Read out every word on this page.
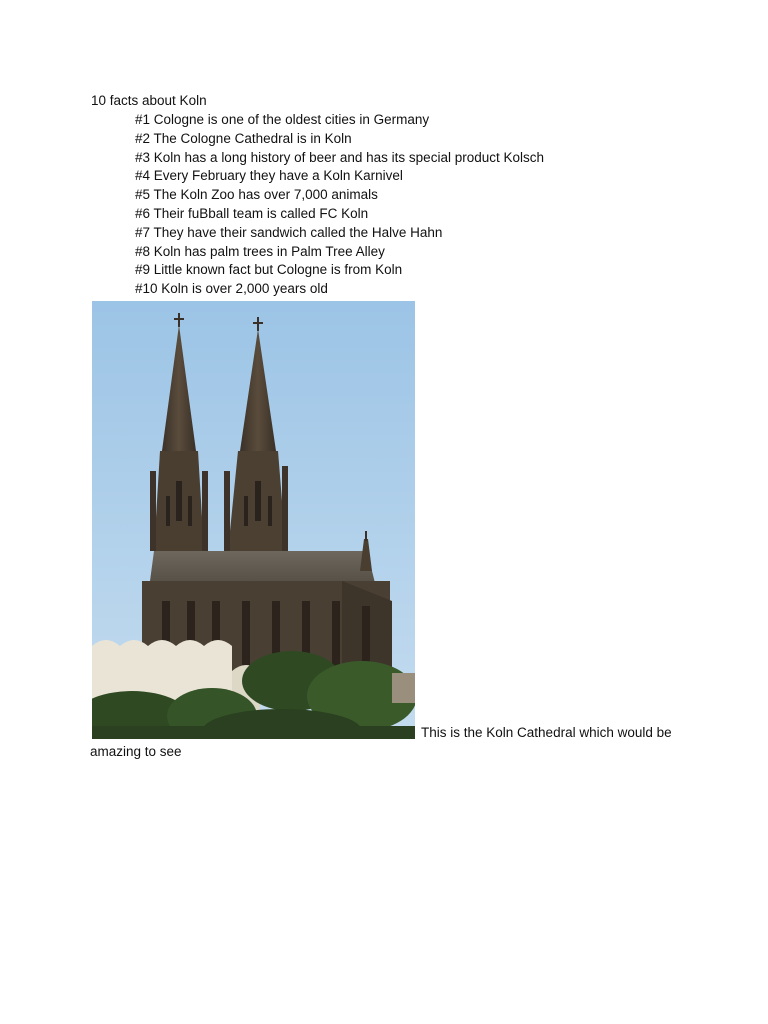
10 facts about Koln
#1 Cologne is one of the oldest cities in Germany
#2 The Cologne Cathedral is in Koln
#3 Koln has a long history of beer and has its special product Kolsch
#4 Every February they have a Koln Karnivel
#5 The Koln Zoo has over 7,000 animals
#6 Their fuBball team is called FC Koln
#7 They have their sandwich called the Halve Hahn
#8 Koln has palm trees in Palm Tree Alley
#9 Little known fact but Cologne is from Koln
#10 Koln is over 2,000 years old
This is the Koln Cathedral which would be
amazing to see
